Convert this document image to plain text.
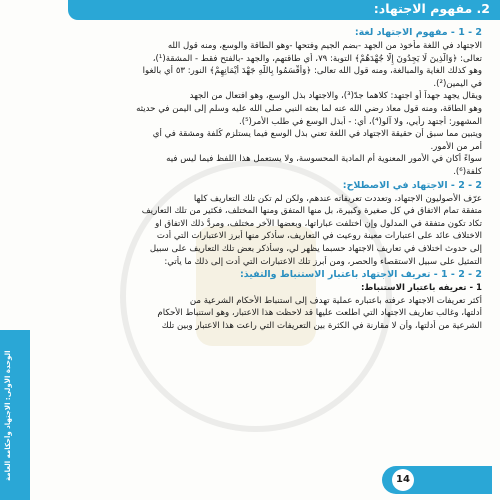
2. مفهوم الاجتهاد:
2 - 1 - مفهوم الاجتهاد لغة:
الاجتهاد في اللغة مأخوذ من الجهد -بضم الجيم وفتحها -وهو الطاقة والوسع، ومنه قول الله
تعالى: ﴿وَالَّذِينَ لَا يَجِدُونَ إِلَّا جُهْدَهُمْ﴾ التوبة: ٧٩، أي طاقتهم، والجهد -بالفتح فقط - المشقة(¹)،
وهو كذلك الغاية والمبالغة، ومنه قول الله تعالى: ﴿وَأَقْسَمُوا بِاللَّهِ جَهْدَ أَيْمَانِهِمْ﴾ النور: ٥٣ أي بالغوا
في اليمين(²).
ويقال يجهد جهداً أو اجتهد: كلاهما جدّ(³)، والاجتهاد بذل الوسع، وهو افتعال من الجهد
وهو الطاقة، ومنه قول معاذ رضي الله عنه لما بعثه النبي صلى الله عليه وسلم إلى اليمن في حديثه
المشهور: أجتهد رأيي، ولا آلو(⁴)، أي: - أبذل الوسع في طلب الأمر(⁵).
ويتبين مما سبق أن حقيقة الاجتهاد في اللغة تعني بذل الوسع فيما يستلزم كُلفة ومشقة في أي
أمر من الأمور.
سواءً أكان في الأمور المعنوية أم المادية المحسوسة، ولا يستعمل هذا اللفظ فيما ليس فيه
كلفة(⁶).
2 - 2 - الاجتهاد في الاصطلاح:
عرّف الأصوليون الاجتهاد، وتعددت تعريفاته عندهم، ولكن لم تكن تلك التعاريف كلها
متفقة تمام الاتفاق في كل صغيرة وكبيرة، بل منها المتفق ومنها المختلف، فكثير من تلك التعاريف
تكاد تكون متفقة في المدلول وإن اختلفت عباراتها، وبعضها الآخر مختلف، ومردُّ ذلك الاتفاق او
الاختلاف عائد على اعتبارات معينة روعيت في التعاريف، سأذكر منها أبرز الاعتبارات التي أدت
إلى حدوث اختلاف في تعاريف الاجتهاد حسبما يظهر لي، وسأذكر بعض تلك التعاريف على سبيل
التمثيل على سبيل الاستقصاء والحصر، ومن أبرز تلك الاعتبارات التي أدت إلى ذلك ما يأتي:
2 - 2 - 1 - تعريف الاجتهاد باعتبار الاستنباط والتفيذ:
1 - تعريفه باعتبار الاستنباط:
أكثر تعريفات الاجتهاد عرفته باعتباره عملية تهدف إلى استنباط الأحكام الشرعية من
أدلتها، وغالب تعاريف الاجتهاد التي اطلعت عليها قد لاحظت هذا الاعتبار، وهو استنباط الأحكام
الشرعية من أدلتها، وأن لا مقارنة في الكثرة بين التعريفات التي راعت هذا الاعتبار وبين تلك
الوحدة الأولى: الاجتهاد وأحكامه العامة	14
